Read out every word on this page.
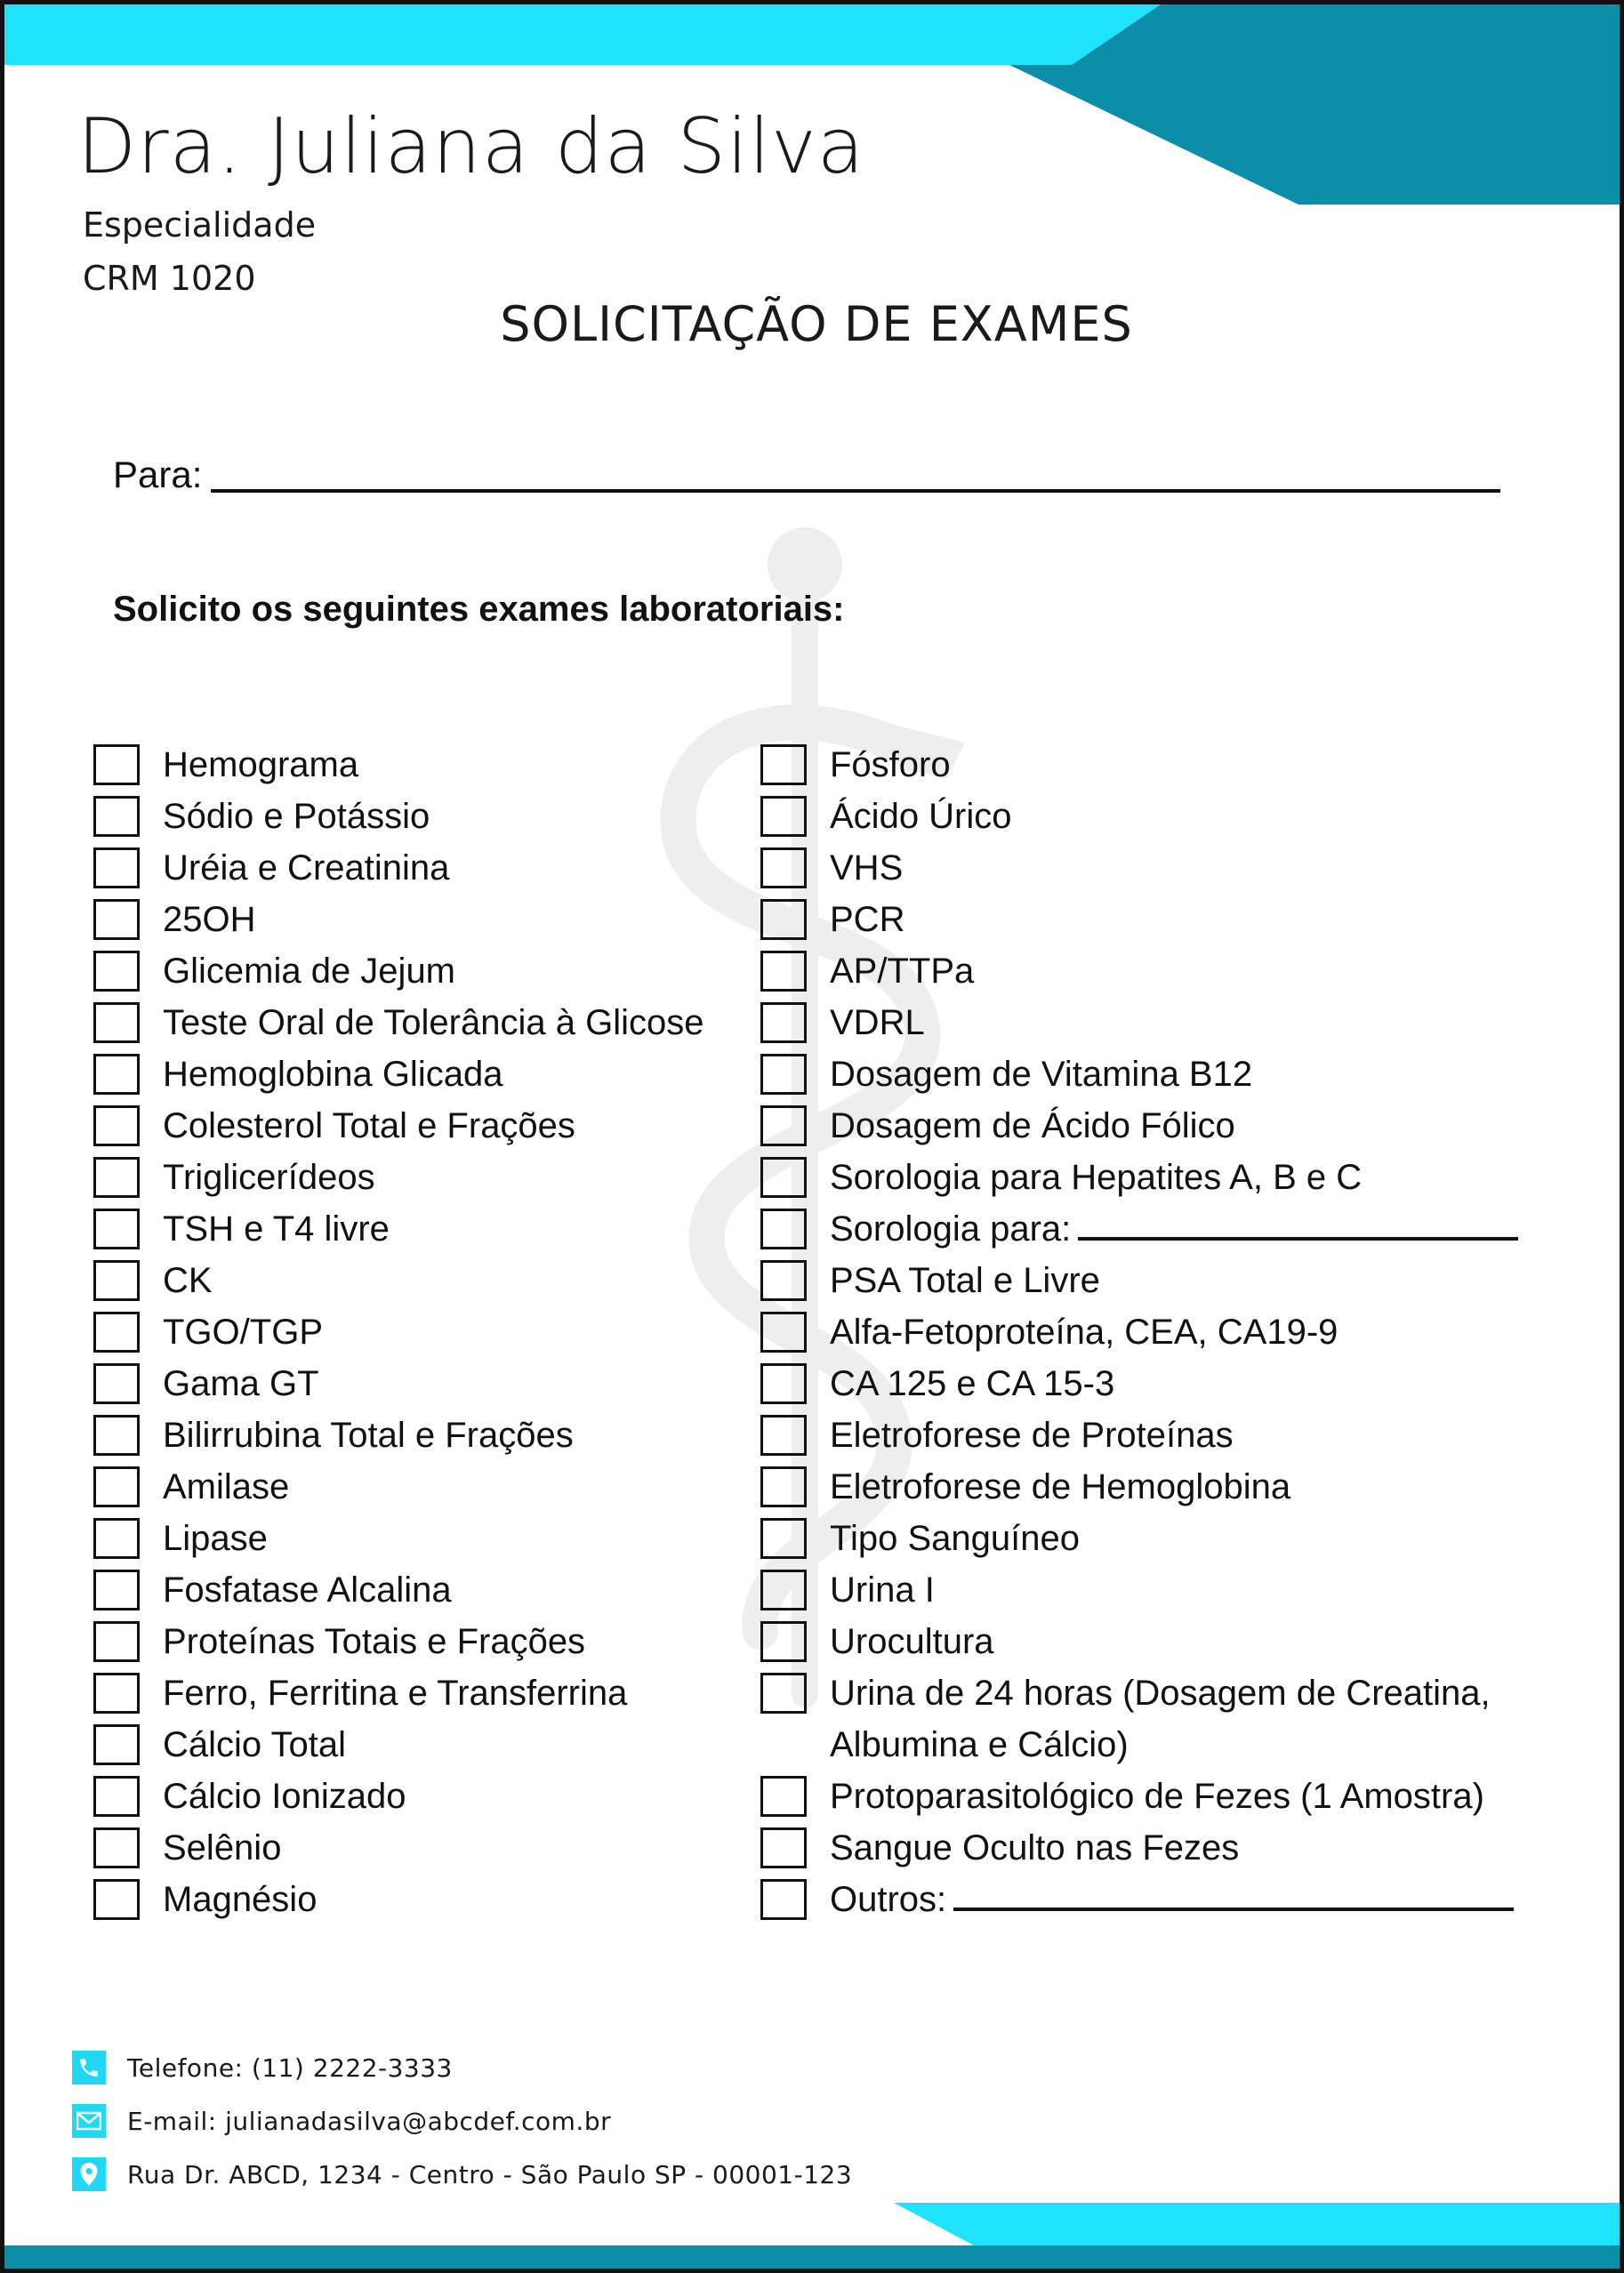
Dra. Juliana da Silva
Especialidade
CRM 1020
SOLICITAÇÃO DE EXAMES
Para:
Solicito os seguintes exames laboratoriais:
Hemograma
Sódio e Potássio
Uréia e Creatinina
25OH
Glicemia de Jejum
Teste Oral de Tolerância à Glicose
Hemoglobina Glicada
Colesterol Total e Frações
Triglicerídeos
TSH e T4 livre
CK
TGO/TGP
Gama GT
Bilirrubina Total e Frações
Amilase
Lipase
Fosfatase Alcalina
Proteínas Totais e Frações
Ferro, Ferritina e Transferrina
Cálcio Total
Cálcio Ionizado
Selênio
Magnésio
Fósforo
Ácido Úrico
VHS
PCR
AP/TTPa
VDRL
Dosagem de Vitamina B12
Dosagem de Ácido Fólico
Sorologia para Hepatites A, B e C
Sorologia para:
PSA Total e Livre
Alfa-Fetoproteína, CEA, CA19-9
CA 125 e CA 15-3
Eletroforese de Proteínas
Eletroforese de Hemoglobina
Tipo Sanguíneo
Urina I
Urocultura
Urina de 24 horas (Dosagem de Creatina, Albumina e Cálcio)
Protoparasitológico de Fezes (1 Amostra)
Sangue Oculto nas Fezes
Outros:
Telefone: (11) 2222-3333
E-mail: julianadasilva@abcdef.com.br
Rua Dr. ABCD, 1234 - Centro - São Paulo SP - 00001-123
